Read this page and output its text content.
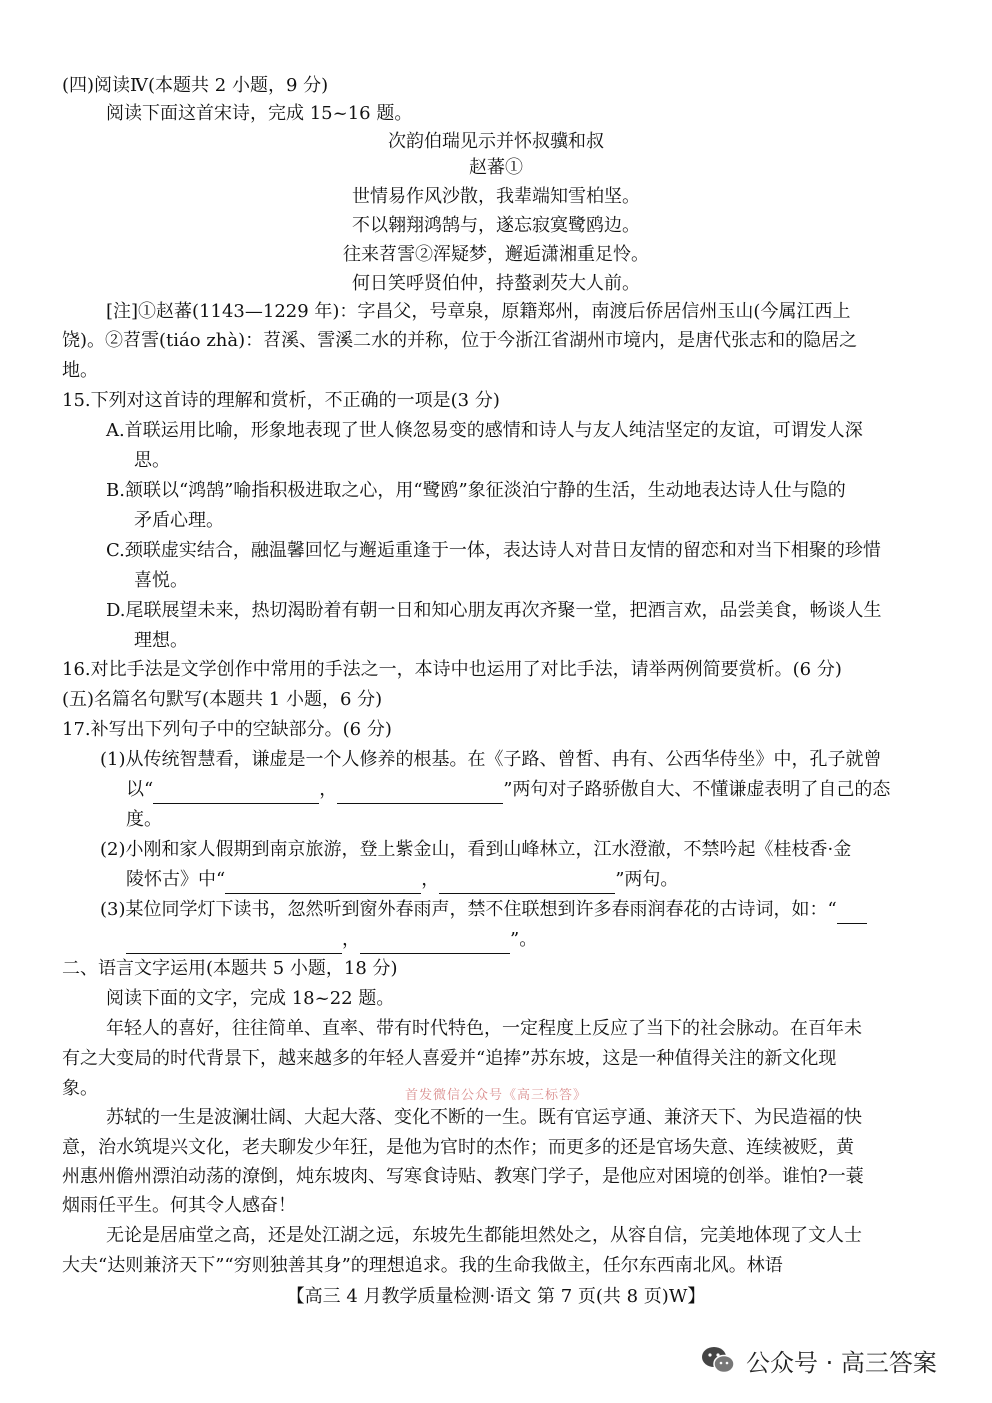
(四)阅读Ⅳ(本题共 2 小题，9 分)
阅读下面这首宋诗，完成 15~16 题。
次韵伯瑞见示并怀叔骥和叔
赵蕃①
世情易作风沙散，我辈端知雪柏坚。
不以翱翔鸿鹄与，遂忘寂寞鹭鸥边。
往来苕霅②浑疑梦，邂逅潇湘重足怜。
何日笑呼贤伯仲，持螯剥芡大人前。
[注]①赵蕃(1143—1229 年)：字昌父，号章泉，原籍郑州，南渡后侨居信州玉山(今属江西上
饶)。②苕霅(tiáo zhà)：苕溪、霅溪二水的并称，位于今浙江省湖州市境内，是唐代张志和的隐居之
地。
15.下列对这首诗的理解和赏析，不正确的一项是(3 分)
A.首联运用比喻，形象地表现了世人倏忽易变的感情和诗人与友人纯洁坚定的友谊，可谓发人深
思。
B.颔联以“鸿鹄”喻指积极进取之心，用“鹭鸥”象征淡泊宁静的生活，生动地表达诗人仕与隐的
矛盾心理。
C.颈联虚实结合，融温馨回忆与邂逅重逢于一体，表达诗人对昔日友情的留恋和对当下相聚的珍惜
喜悦。
D.尾联展望未来，热切渴盼着有朝一日和知心朋友再次齐聚一堂，把酒言欢，品尝美食，畅谈人生
理想。
16.对比手法是文学创作中常用的手法之一，本诗中也运用了对比手法，请举两例简要赏析。(6 分)
(五)名篇名句默写(本题共 1 小题，6 分)
17.补写出下列句子中的空缺部分。(6 分)
(1)从传统智慧看，谦虚是一个人修养的根基。在《子路、曾皙、冉有、公西华侍坐》中，孔子就曾
以“	，	”两句对子路骄傲自大、不懂谦虚表明了自己的态
度。
(2)小刚和家人假期到南京旅游，登上紫金山，看到山峰林立，江水澄澈，不禁吟起《桂枝香·金
陵怀古》中“	，	”两句。
(3)某位同学灯下读书，忽然听到窗外春雨声，禁不住联想到许多春雨润春花的古诗词，如：“
，	”。
二、语言文字运用(本题共 5 小题，18 分)
阅读下面的文字，完成 18~22 题。
年轻人的喜好，往往简单、直率、带有时代特色，一定程度上反应了当下的社会脉动。在百年未
有之大变局的时代背景下，越来越多的年轻人喜爱并“追捧”苏东坡，这是一种值得关注的新文化现
象。	首发微信公众号《高三标答》
苏轼的一生是波澜壮阔、大起大落、变化不断的一生。既有官运亨通、兼济天下、为民造福的快
意，治水筑堤兴文化，老夫聊发少年狂，是他为官时的杰作；而更多的还是官场失意、连续被贬，黄
州惠州儋州漂泊动荡的潦倒，炖东坡肉、写寒食诗贴、教寒门学子，是他应对困境的创举。谁怕?一蓑
烟雨任平生。何其令人感奋！
无论是居庙堂之高，还是处江湖之远，东坡先生都能坦然处之，从容自信，完美地体现了文人士
大夫“达则兼济天下”“穷则独善其身”的理想追求。我的生命我做主，任尔东西南北风。林语
【高三 4 月教学质量检测·语文 第 7 页(共 8 页)W】
公众号 · 高三答案
